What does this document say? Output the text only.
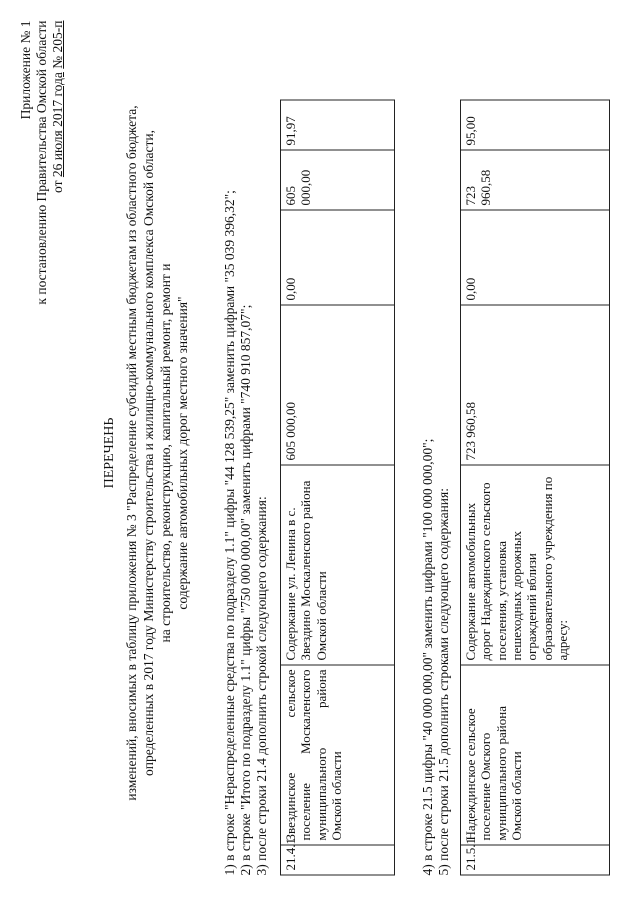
Приложение № 1 к постановлению Правительства Омской области от 26 июля 2017 года № 205-п
ПЕРЕЧЕНЬ изменений, вносимых в таблицу приложения № 3 "Распределение субсидий местным бюджетам из областного бюджета, определенных в 2017 году Министерству строительства и жилищно-коммунального комплекса Омской области, на строительство, реконструкцию, капитальный ремонт, ремонт и содержание автомобильных дорог местного значения" 1) в строке "Нераспределенные средства по подразделу 1.1" цифры "44 128 539,25" заменить цифрами "35 039 396,32"; 2) в строке "Итого по подразделу 1.1" цифры "750 000 000,00" заменить цифрами "740 910 857,07"; 3) после строки 21.4 дополнить строкой следующего содержания: 21.4.1	Звездинское сельское поселение Москаленского муниципального района Омской области	Содержание ул. Ленина в с. Звездино Москаленского района Омской области	605 000,00	0,00	605 000,00	91,97
4) в строке 21.5 цифры "40 000 000,00" заменить цифрами "100 000 000,00"; 5) после строки 21.5 дополнить строками следующего содержания: 21.5.1	Надеждинское сельское поселение Омского муниципального района Омской области	Содержание автомобильных дорог Надеждинского сельского поселения, установка пешеходных дорожных ограждений вблизи образовательного учреждения по адресу:	723 960,58	0,00	723 960,58	95,00
